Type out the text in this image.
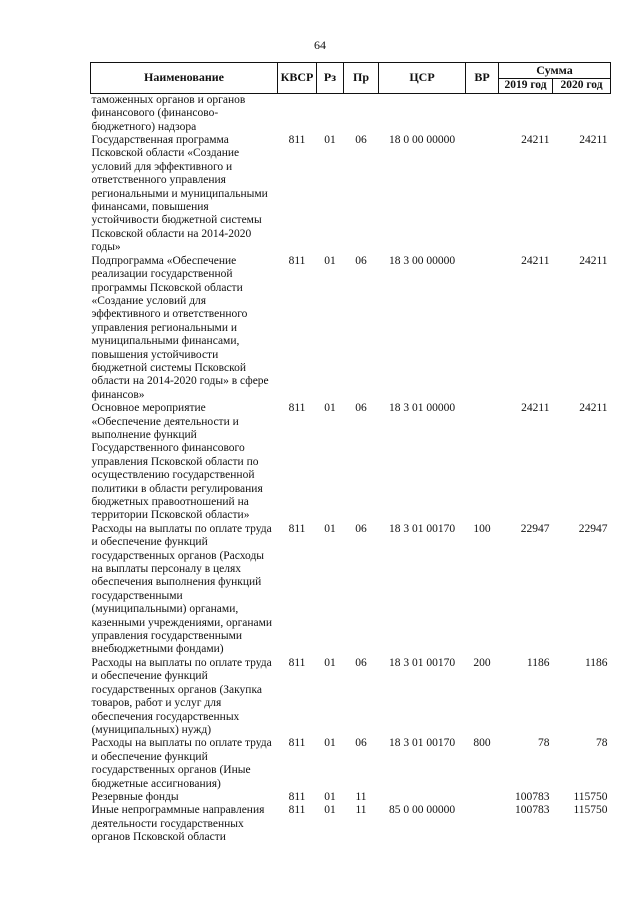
64
Наименование	КВСР	Рз	Пр	ЦСР	ВР	Сумма	
						2019 год	2020 год
таможенных органов и органов финансового (финансово-бюджетного) надзора							
Государственная программа Псковской области «Создание условий для эффективного и ответственного управления региональными и муниципальными финансами, повышения устойчивости бюджетной системы Псковской области на 2014-2020 годы»	811	01	06	18 0 00 00000		24211	24211
Подпрограмма «Обеспечение реализации государственной программы Псковской области «Создание условий для эффективного и ответственного управления региональными и муниципальными финансами, повышения устойчивости бюджетной системы Псковской области на 2014-2020 годы» в сфере финансов»	811	01	06	18 3 00 00000		24211	24211
Основное мероприятие «Обеспечение деятельности и выполнение функций Государственного финансового управления Псковской области по осуществлению государственной политики в области регулирования бюджетных правоотношений на территории Псковской области»	811	01	06	18 3 01 00000		24211	24211
Расходы на выплаты по оплате труда и обеспечение функций государственных органов (Расходы на выплаты персоналу в целях обеспечения выполнения функций государственными (муниципальными) органами, казенными учреждениями, органами управления государственными внебюджетными фондами)	811	01	06	18 3 01 00170	100	22947	22947
Расходы на выплаты по оплате труда и обеспечение функций государственных органов (Закупка товаров, работ и услуг для обеспечения государственных (муниципальных) нужд)	811	01	06	18 3 01 00170	200	1186	1186
Расходы на выплаты по оплате труда и обеспечение функций государственных органов (Иные бюджетные ассигнования)	811	01	06	18 3 01 00170	800	78	78
Резервные фонды	811	01	11			100783	115750
Иные непрограммные направления деятельности государственных органов Псковской области	811	01	11	85 0 00 00000		100783	115750
